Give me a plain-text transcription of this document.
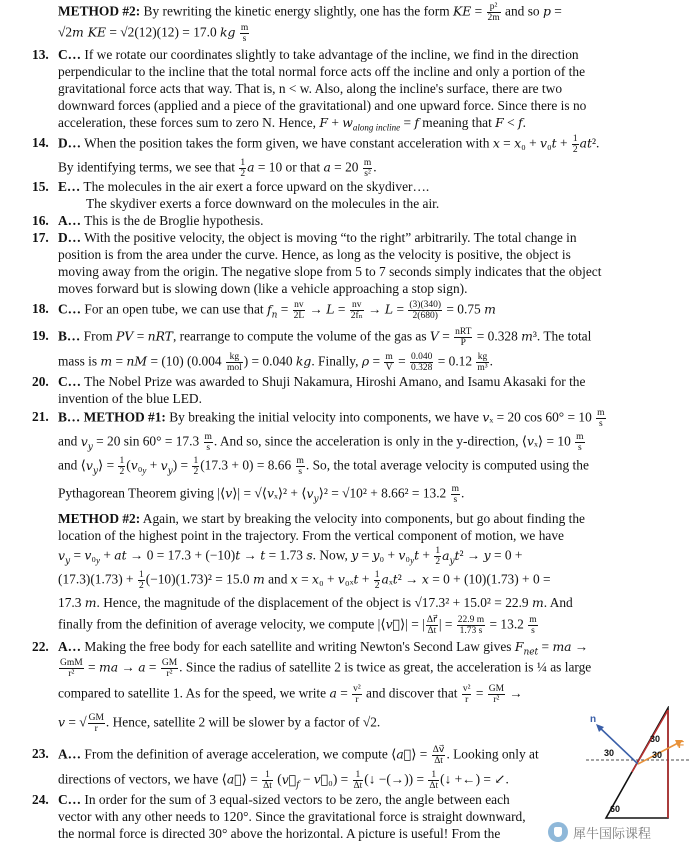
METHOD #2: By rewriting the kinetic energy slightly, one has the form KE = $\frac{\text{p²}}{2m}$ and so p =
√2m KE = √2(12)(12) = 17.0 kg $\frac{m}{s}$
13. C… If we rotate our coordinates slightly to take advantage of the incline, we find in the direction
perpendicular to the incline that the total normal force acts off the incline and only a portion of the
gravitational force acts that way. That is, n < w. Also, along the incline's surface, there are two
downward forces (applied and a piece of the gravitational) and one upward force. Since there is no
acceleration, these forces sum to zero N. Hence, $F + w_{along incline} = f$ meaning that F < f.
14. D… When the position takes the form given, we have constant acceleration with $x = x_0 + v_0t + \frac{1}{2} at^2$.
By identifying terms, we see that $\frac{1}{2}$ a = 10 or that $a = 20 \frac{m}{\text{s²}}$ .
15. E… The molecules in the air exert a force upward on the skydiver….
The skydiver exerts a force downward on the molecules in the air.
16. A… This is the de Broglie hypothesis.
17. D… With the positive velocity, the object is moving “to the right” arbitrarily. The total change in
position is from the area under the curve. Hence, as long as the velocity is positive, the object is
moving away from the origin. The negative slope from 5 to 7 seconds simply indicates that the object
moves forward but is slowing down (like a vehicle approaching a stop sign).
18. C… For an open tube, we can use that $f_n = \frac{nv}{2L} \to L = \frac{nv}{\text{2fₙ}} \to L = \frac{(3)(340)}{2(680)} = 0.75$ m
19. B… From PV = nRT, rearrange to compute the volume of the gas as $V = \frac{\text{nRT}}{P} = 0.328$ m³. The total
mass is m = nM = (10) ($0.004 \frac{kg}{\text{mol}}$ ) = 0.040 kg. Finally, $\rho = \frac{m}{V} = \frac{0.040}{0.328} = 0.12 \frac{kg}{\text{m³}}$ .
20. C… The Nobel Prize was awarded to Shuji Nakamura, Hiroshi Amano, and Isamu Akasaki for the
invention of the blue LED.
21. B… METHOD #1: By breaking the initial velocity into components, we have vₓ = 20 $\cos 60^\circ = 10 \frac{m}{s}$
and $v_y = 20$ $\sin 60^\circ = 17.3 \frac{m}{s}$ . And so, since the acceleration is only in the y-direction, ⟨vₓ⟩ = $10 \frac{m}{s}$
and $⟨v_y⟩ = \frac{1}{2} (v_0_y + v_y) = \frac{1}{2} (17.3 + 0) = 8.66 \frac{m}{s}$ . So, the total average velocity is computed using the
Pythagorean Theorem giving |⟨v⟩| = √⟨vₓ⟩² + $⟨v_y⟩^2 = √10^2 + 8.66^2 = 13.2 \frac{m}{s}$ .
METHOD #2: Again, we start by breaking the velocity into components, but go about finding the
location of the highest point in the trajectory. From the vertical component of motion, we have
$v_y = v_0_y$ + at → 0 = 17.3 + (−10)t → t = 1.73 s. Now, $y = y_0 + v_0_yt + \frac{1}{2} a_yt^2 \to y = 0$ +
$(17.3)(1.73) + \frac{1}{2} (-10)(1.73)^2 = 15.0$ m and $x = x_0 + v_{0x}t + \frac{1}{2} a_xt^2 \to x = 0 + (10)(1.73) + 0$ =
17.3 m. Hence, the magnitude of the displacement of the object is √17.3² + 15.0² = 22.9 m. And
finally from the definition of average velocity, we compute |⟨v⃗⟩| = | $\frac{\Delta r⃗}{\Delta t}$ | = $\frac{22.9 m}{1.73 s} = 13.2 \frac{m}{s}$
22. A… Making the free body for each satellite and writing Newton's Second Law gives $F_{net}$ = ma →
$\frac{\text{GmM}}{\text{r²}}$ = ma → $a = \frac{GM}{\text{r²}}$ . Since the radius of satellite 2 is twice as great, the acceleration is ¼ as large
compared to satellite 1. As for the speed, we write $a = \frac{\text{v²}}{r}$ and discover that $\frac{\text{v²}}{r} = \frac{GM}{\text{r²}}$ →
v = √ $\frac{GM}{r}$ . Hence, satellite 2 will be slower by a factor of √2.
23. A… From the definition of average acceleration, we compute ⟨a⃗⟩ = $\frac{\Delta v⃗}{\Delta t}$ . Looking only at
directions of vectors, we have ⟨a⃗⟩ = $\frac{1}{\Delta t}$ ($v⃗_f$ − v⃗₀) = $\frac{1}{\Delta t}$ (↓ −(→)) = $\frac{1}{\Delta t}$ (↓ +←) = ↙.
24. C… In order for the sum of 3 equal-sized vectors to be zero, the angle between each
vector with any other needs to 120°. Since the gravitational force is straight downward,
the normal force is directed 30° above the horizontal. A picture is useful! From the
n
F
30
30
30
60
犀牛国际课程
